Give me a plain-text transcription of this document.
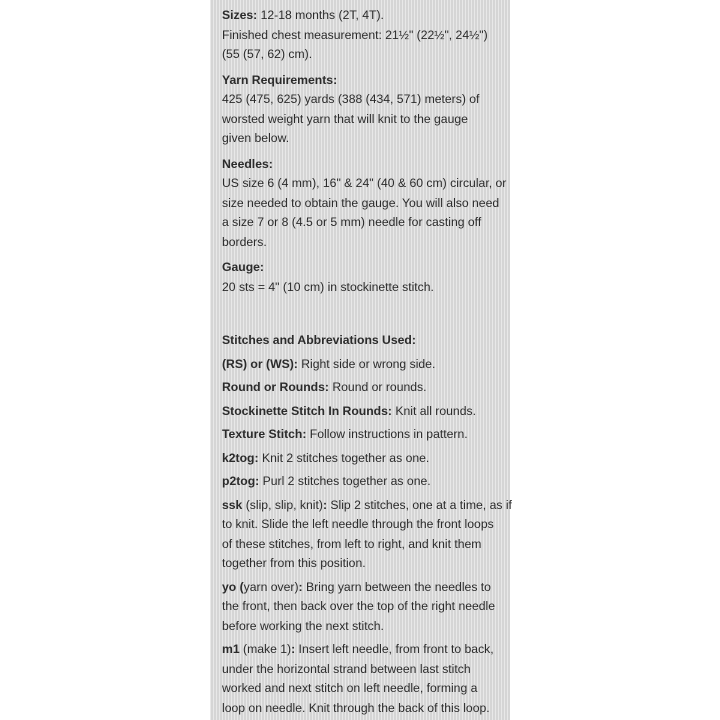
Sizes: 12-18 months (2T, 4T).
Finished chest measurement: 21½" (22½", 24½")
(55 (57, 62) cm).
Yarn Requirements:
425 (475, 625) yards (388 (434, 571) meters) of
worsted weight yarn that will knit to the gauge
given below.
Needles:
US size 6 (4 mm), 16" & 24" (40 & 60 cm) circular, or
size needed to obtain the gauge. You will also need
a size 7 or 8 (4.5 or 5 mm) needle for casting off
borders.
Gauge:
20 sts = 4" (10 cm) in stockinette stitch.
Stitches and Abbreviations Used:
(RS) or (WS): Right side or wrong side.
Round or Rounds: Round or rounds.
Stockinette Stitch In Rounds: Knit all rounds.
Texture Stitch: Follow instructions in pattern.
k2tog: Knit 2 stitches together as one.
p2tog: Purl 2 stitches together as one.
ssk (slip, slip, knit): Slip 2 stitches, one at a time, as if
to knit. Slide the left needle through the front loops
of these stitches, from left to right, and knit them
together from this position.
yo (yarn over): Bring yarn between the needles to
the front, then back over the top of the right needle
before working the next stitch.
m1 (make 1): Insert left needle, from front to back,
under the horizontal strand between last stitch
worked and next stitch on left needle, forming a
loop on needle. Knit through the back of this loop.
